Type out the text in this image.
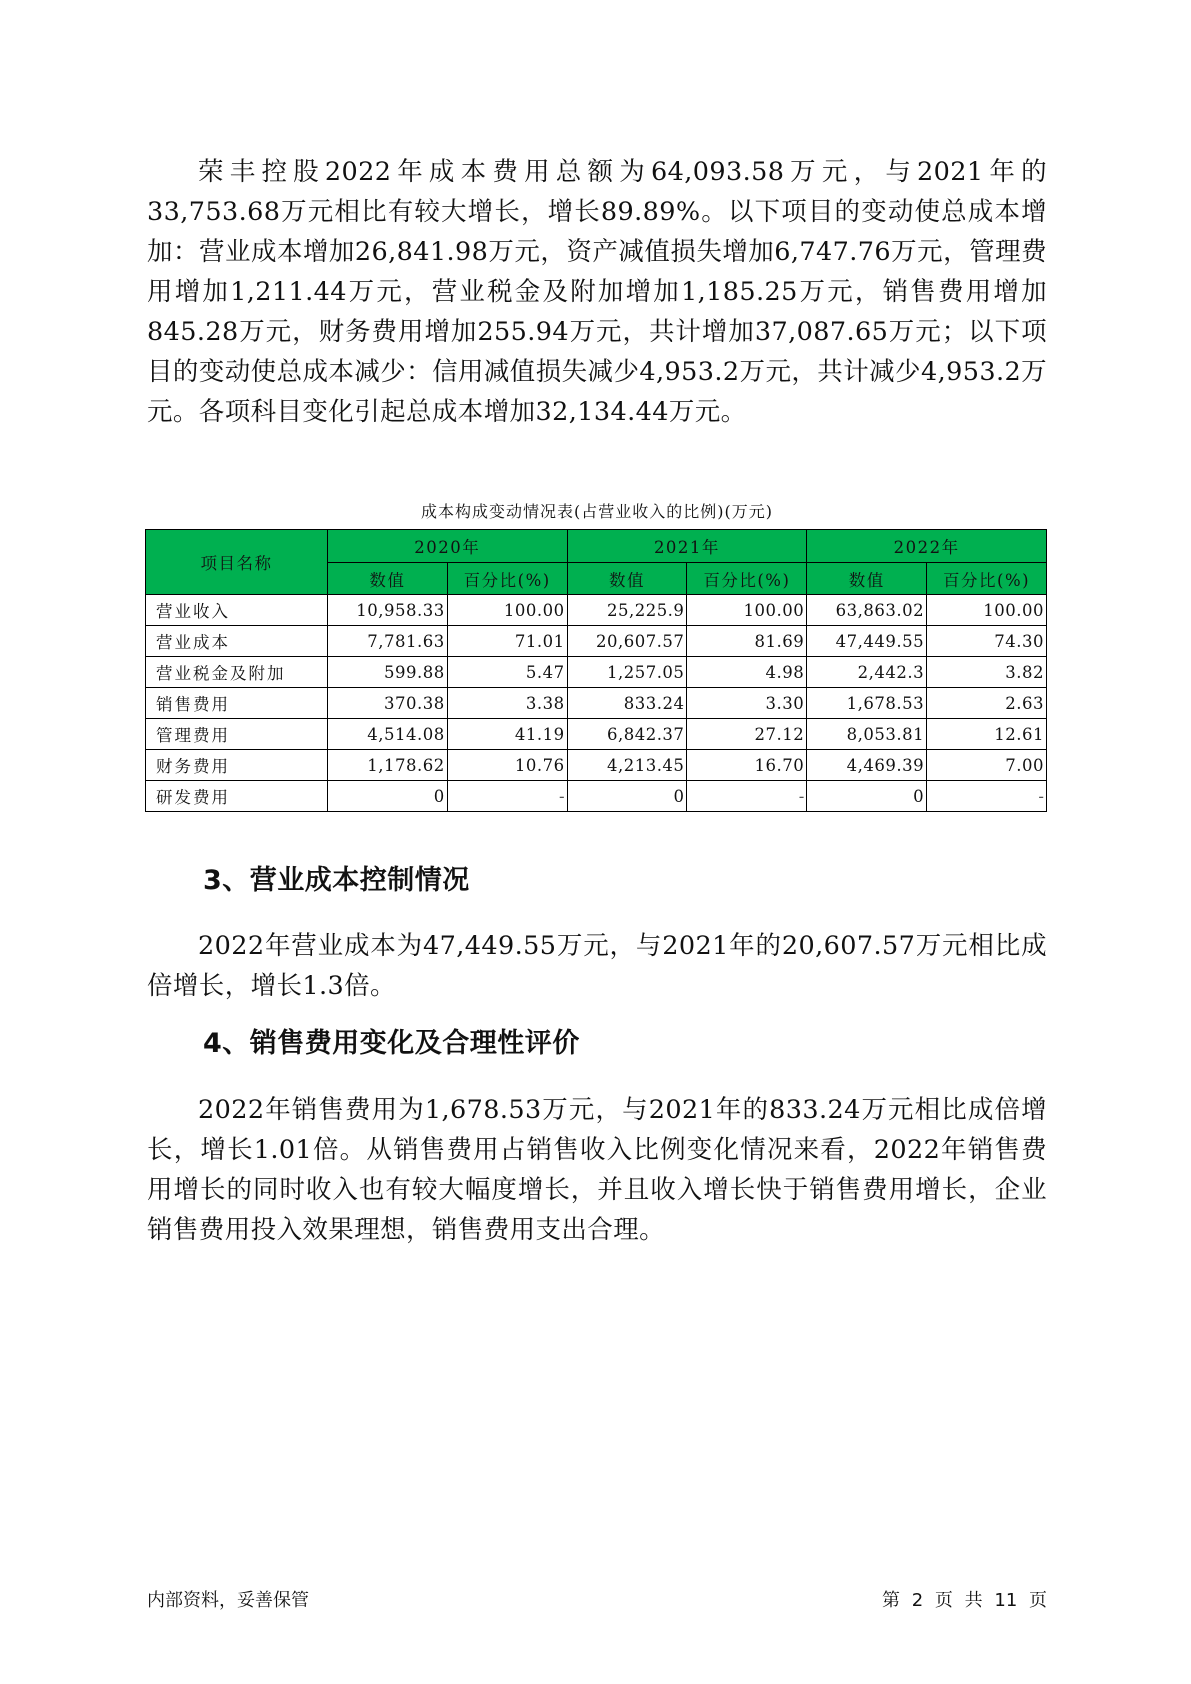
荣丰控股2022年成本费用总额为64,093.58万元，与2021年的33,753.68万元相比有较大增长，增长89.89%。以下项目的变动使总成本增加：营业成本增加26,841.98万元，资产减值损失增加6,747.76万元，管理费用增加1,211.44万元，营业税金及附加增加1,185.25万元，销售费用增加845.28万元，财务费用增加255.94万元，共计增加37,087.65万元；以下项目的变动使总成本减少：信用减值损失减少4,953.2万元，共计减少4,953.2万元。各项科目变化引起总成本增加32,134.44万元。

成本构成变动情况表(占营业收入的比例)(万元)

项目名称	2020年		2021年		2022年	
	数值	百分比(%)	数值	百分比(%)	数值	百分比(%)
营业收入	10,958.33	100.00	25,225.9	100.00	63,863.02	100.00
营业成本	7,781.63	71.01	20,607.57	81.69	47,449.55	74.30
营业税金及附加	599.88	5.47	1,257.05	4.98	2,442.3	3.82
销售费用	370.38	3.38	833.24	3.30	1,678.53	2.63
管理费用	4,514.08	41.19	6,842.37	27.12	8,053.81	12.61
财务费用	1,178.62	10.76	4,213.45	16.70	4,469.39	7.00
研发费用	0	-	0	-	0	-
3、营业成本控制情况

2022年营业成本为47,449.55万元，与2021年的20,607.57万元相比成倍增长，增长1.3倍。

4、销售费用变化及合理性评价

2022年销售费用为1,678.53万元，与2021年的833.24万元相比成倍增长，增长1.01倍。从销售费用占销售收入比例变化情况来看，2022年销售费用增长的同时收入也有较大幅度增长，并且收入增长快于销售费用增长，企业销售费用投入效果理想，销售费用支出合理。

内部资料，妥善保管	第 2 页 共 11 页
